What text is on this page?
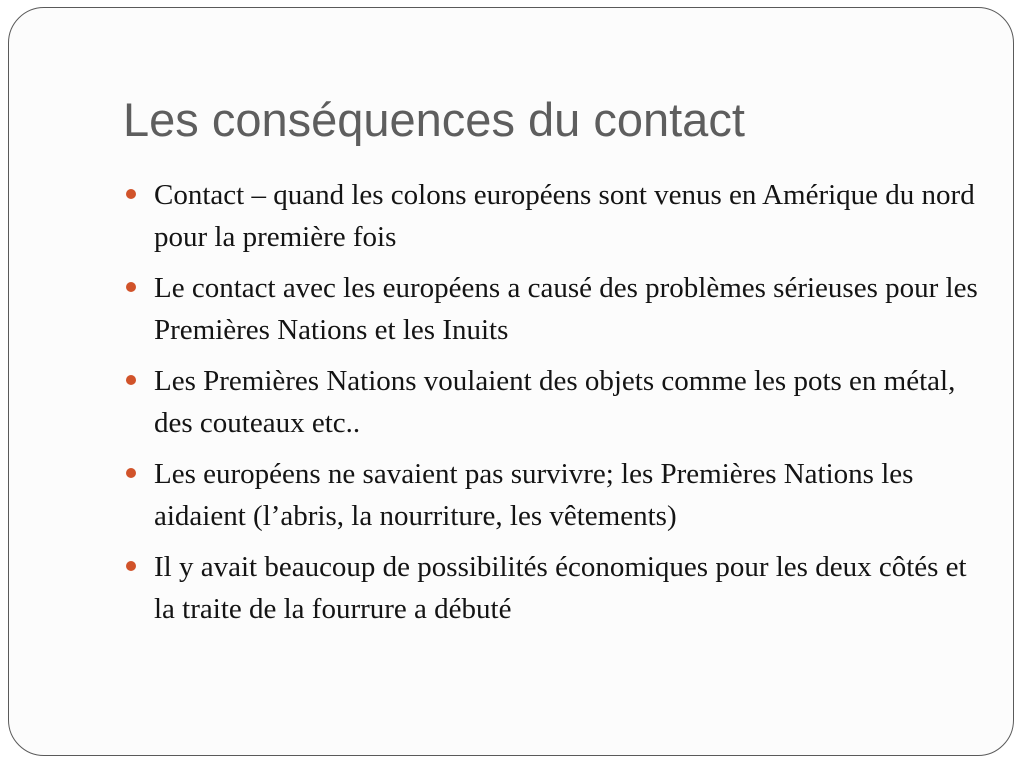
Les conséquences du contact
Contact – quand les colons européens sont venus en Amérique du nord pour la première fois
Le contact avec les européens a causé des problèmes sérieuses pour les Premières Nations et les Inuits
Les Premières Nations voulaient des objets comme les pots en métal, des couteaux etc..
Les européens ne savaient pas survivre; les Premières Nations les aidaient (l’abris, la nourriture, les vêtements)
Il y avait beaucoup de possibilités économiques pour les deux côtés et la traite de la fourrure a débuté
